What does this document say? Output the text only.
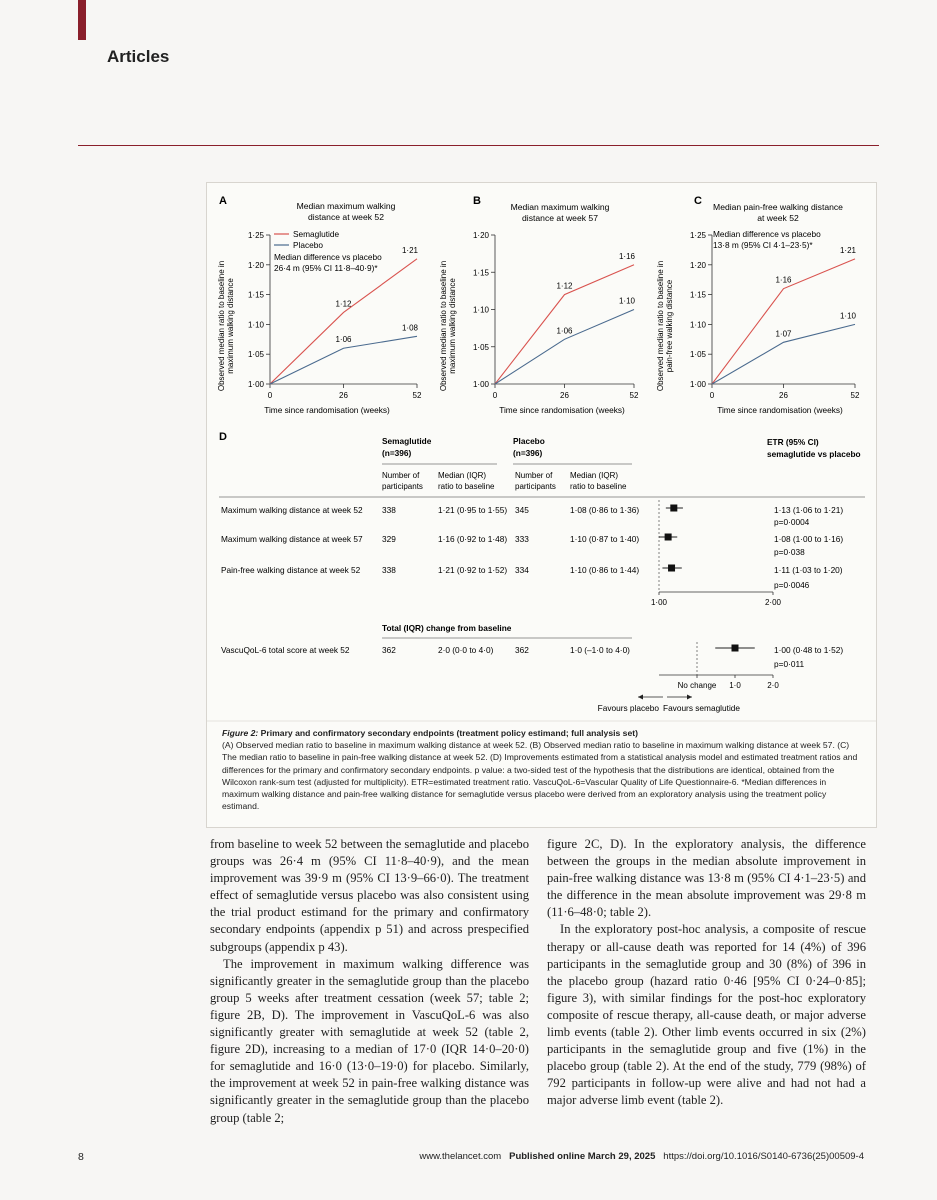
Articles
A	Median maximum walking
distance at week 52
B	Median maximum walking
distance at week 57
C Median pain-free walking distance
at week 52
Semaglutide
Placebo
Median difference vs placebo
26·4 m (95% CI 11·8–40·9)*
Median difference vs placebo
13·8 m (95% CI 4·1–23·5)*
Observed median ratio to baseline in maximum walking distance	Observed median ratio to baseline in maximum walking distance	Observed median ratio to baseline in pain-free walking distance
1·00
1·05
1·10
1·15
1·20
1·25
0	26	52
1·12
1·21
1·06
1·08
1·00
1·05
1·10
1·15
1·20
0	26	52
1·12
1·16
1·06
1·10
1·00
1·05
1·10
1·15
1·20
1·25
0	26	52
1·16
1·21
1·07
1·10
Time since randomisation (weeks)	Time since randomisation (weeks)	Time since randomisation (weeks)
D	Semaglutide
(n=396)
Placebo
(n=396)
ETR (95% CI)
semaglutide vs placebo
Number of
participants
Median (IQR)
ratio to baseline
Number of
participants
Median (IQR)
ratio to baseline
Maximum walking distance at week 52 338	1·21 (0·95 to 1·55) 345	1·08 (0·86 to 1·36)	1·13 (1·06 to 1·21)
p=0·0004
Maximum walking distance at week 57 329	1·16 (0·92 to 1·48) 333	1·10 (0·87 to 1·40)	1·08 (1·00 to 1·16)
p=0·038
Pain-free walking distance at week 52	338	1·21 (0·92 to 1·52) 334	1·10 (0·86 to 1·44)	1·11 (1·03 to 1·20)
p=0·0046
1·00	2·00
Total (IQR) change from baseline
VascuQoL-6 total score at week 52	362	2·0 (0·0 to 4·0)	362	1·0 (–1·0 to 4·0)	1·00 (0·48 to 1·52)
p=0·011
No change 1·0	2·0
Favours placebo Favours semaglutide
Figure 2: Primary and confirmatory secondary endpoints (treatment policy estimand; full analysis set)
(A) Observed median ratio to baseline in maximum walking distance at week 52. (B) Observed median ratio to baseline in maximum walking distance at week 57. (C) The median ratio to baseline in pain-free walking distance at week 52. (D) Improvements estimated from a statistical analysis model and estimated treatment ratios and differences for the primary and confirmatory secondary endpoints. p value: a two-sided test of the hypothesis that the distributions are identical, obtained from the Wilcoxon rank-sum test (adjusted for multiplicity). ETR=estimated treatment ratio. VascuQoL-6=Vascular Quality of Life Questionnaire-6. *Median differences in maximum walking distance and pain-free walking distance for semaglutide versus placebo were derived from an exploratory analysis using the treatment policy estimand.

from baseline to week 52 between the semaglutide and placebo groups was 26·4 m (95% CI 11·8–40·9), and the mean improvement was 39·9 m (95% CI 13·9–66·0). The treatment effect of semaglutide versus placebo was also consistent using the trial product estimand for the primary and confirmatory secondary endpoints (appendix p 51) and across prespecified subgroups (appendix p 43).

The improvement in maximum walking difference was significantly greater in the semaglutide group than the placebo group 5 weeks after treatment cessation (week 57; table 2; figure 2B, D). The improvement in VascuQoL-6 was also significantly greater with semaglutide at week 52 (table 2, figure 2D), increasing to a median of 17·0 (IQR 14·0–20·0) for semaglutide and 16·0 (13·0–19·0) for placebo. Similarly, the improvement at week 52 in pain-free walking distance was significantly greater in the semaglutide group than the placebo group (table 2;

figure 2C, D). In the exploratory analysis, the difference between the groups in the median absolute improvement in pain-free walking distance was 13·8 m (95% CI 4·1–23·5) and the difference in the mean absolute improvement was 29·8 m (11·6–48·0; table 2).

In the exploratory post-hoc analysis, a composite of rescue therapy or all-cause death was reported for 14 (4%) of 396 participants in the semaglutide group and 30 (8%) of 396 in the placebo group (hazard ratio 0·46 [95% CI 0·24–0·85]; figure 3), with similar findings for the post-hoc exploratory composite of rescue therapy, all-cause death, or major adverse limb events (table 2). Other limb events occurred in six (2%) participants in the semaglutide group and five (1%) in the placebo group (table 2). At the end of the study, 779 (98%) of 792 participants in follow-up were alive and had not had a major adverse limb event (table 2).

8	www.thelancet.com Published online March 29, 2025 https://doi.org/10.1016/S0140-6736(25)00509-4
